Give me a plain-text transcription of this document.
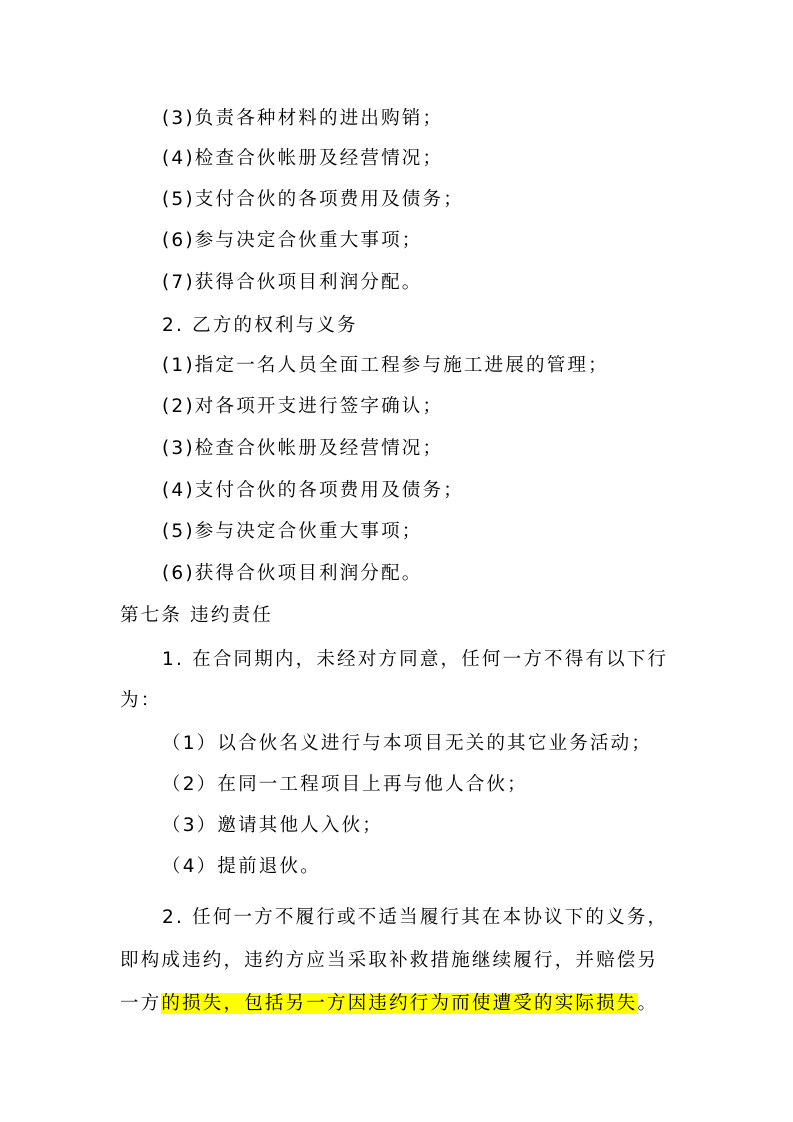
(3)负责各种材料的进出购销；
(4)检查合伙帐册及经营情况；
(5)支付合伙的各项费用及债务；
(6)参与决定合伙重大事项；
(7)获得合伙项目利润分配。
2. 乙方的权利与义务
(1)指定一名人员全面工程参与施工进展的管理；
(2)对各项开支进行签字确认；
(3)检查合伙帐册及经营情况；
(4)支付合伙的各项费用及债务；
(5)参与决定合伙重大事项；
(6)获得合伙项目利润分配。
第七条 违约责任
1. 在合同期内，未经对方同意，任何一方不得有以下行
为：
（1）以合伙名义进行与本项目无关的其它业务活动；
（2）在同一工程项目上再与他人合伙；
（3）邀请其他人入伙；
（4）提前退伙。
2. 任何一方不履行或不适当履行其在本协议下的义务，
即构成违约，违约方应当采取补救措施继续履行，并赔偿另
一方的损失，包括另一方因违约行为而使遭受的实际损失。
